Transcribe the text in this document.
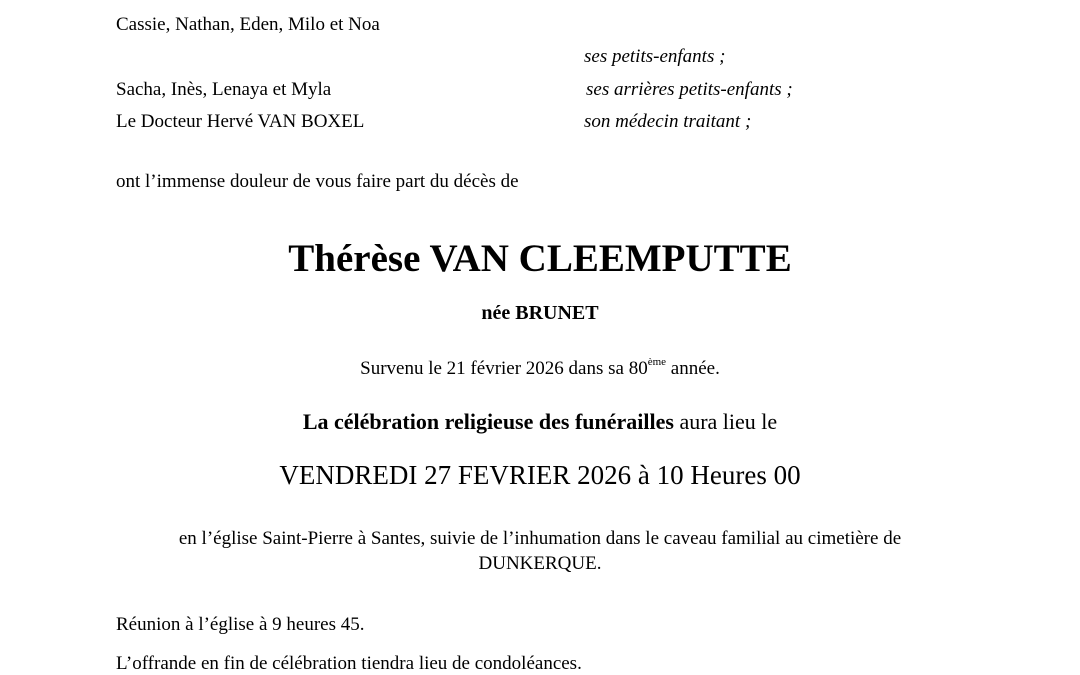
Cassie, Nathan, Eden, Milo et Noa
ses petits-enfants ;
Sacha, Inès, Lenaya et Myla	ses arrières petits-enfants ;
Le Docteur Hervé VAN BOXEL	son médecin traitant ;
ont l’immense douleur de vous faire part du décès de
Thérèse VAN CLEEMPUTTE
née BRUNET
Survenu le 21 février 2026 dans sa 80ème année.
La célébration religieuse des funérailles aura lieu le
VENDREDI 27 FEVRIER 2026 à 10 Heures 00
en l’église Saint-Pierre à Santes, suivie de l’inhumation dans le caveau familial au cimetière de
DUNKERQUE.
Réunion à l’église à 9 heures 45.
L’offrande en fin de célébration tiendra lieu de condoléances.
